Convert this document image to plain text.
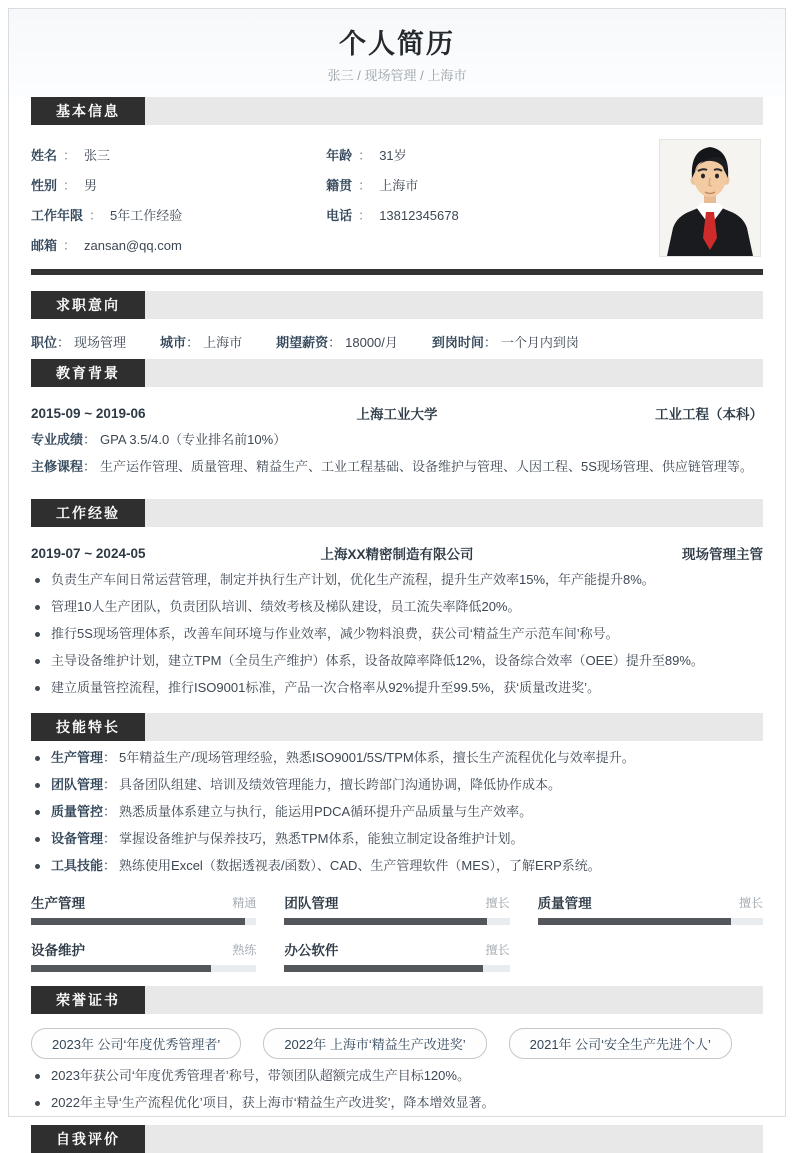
个人简历
张三 / 现场管理 / 上海市
基本信息
姓名 ： 张三
性别 ： 男
工作年限 ： 5年工作经验
邮箱 ： zansan@qq.com
年龄 ： 31岁
籍贯 ： 上海市
电话 ： 13812345678
求职意向
职位： 现场管理	城市： 上海市	期望薪资： 18000/月	到岗时间： 一个月内到岗
教育背景
2015-09 ~ 2019-06	上海工业大学	工业工程（本科）
专业成绩： GPA 3.5/4.0（专业排名前10%）
主修课程： 生产运作管理、质量管理、精益生产、工业工程基础、设备维护与管理、人因工程、5S现场管理、供应链管理等。
工作经验
2019-07 ~ 2024-05	上海XX精密制造有限公司	现场管理主管
负责生产车间日常运营管理，制定并执行生产计划，优化生产流程，提升生产效率15%，年产能提升8%。
管理10人生产团队，负责团队培训、绩效考核及梯队建设，员工流失率降低20%。
推行5S现场管理体系，改善车间环境与作业效率，减少物料浪费，获公司‘精益生产示范车间’称号。
主导设备维护计划，建立TPM（全员生产维护）体系，设备故障率降低12%，设备综合效率（OEE）提升至89%。
建立质量管控流程，推行ISO9001标准，产品一次合格率从92%提升至99.5%，获‘质量改进奖’。
技能特长
生产管理： 5年精益生产/现场管理经验，熟悉ISO9001/5S/TPM体系，擅长生产流程优化与效率提升。
团队管理： 具备团队组建、培训及绩效管理能力，擅长跨部门沟通协调，降低协作成本。
质量管控： 熟悉质量体系建立与执行，能运用PDCA循环提升产品质量与生产效率。
设备管理： 掌握设备维护与保养技巧，熟悉TPM体系，能独立制定设备维护计划。
工具技能： 熟练使用Excel（数据透视表/函数）、CAD、生产管理软件（MES），了解ERP系统。
生产管理	精通 团队管理	擅长 质量管理	擅长
设备维护	熟练 办公软件	擅长
荣誉证书
2023年 公司‘年度优秀管理者’	2022年 上海市‘精益生产改进奖’	2021年 公司‘安全生产先进个人’
2023年获公司‘年度优秀管理者’称号，带领团队超额完成生产目标120%。
2022年主导‘生产流程优化’项目，获上海市‘精益生产改进奖’，降本增效显著。
自我评价
